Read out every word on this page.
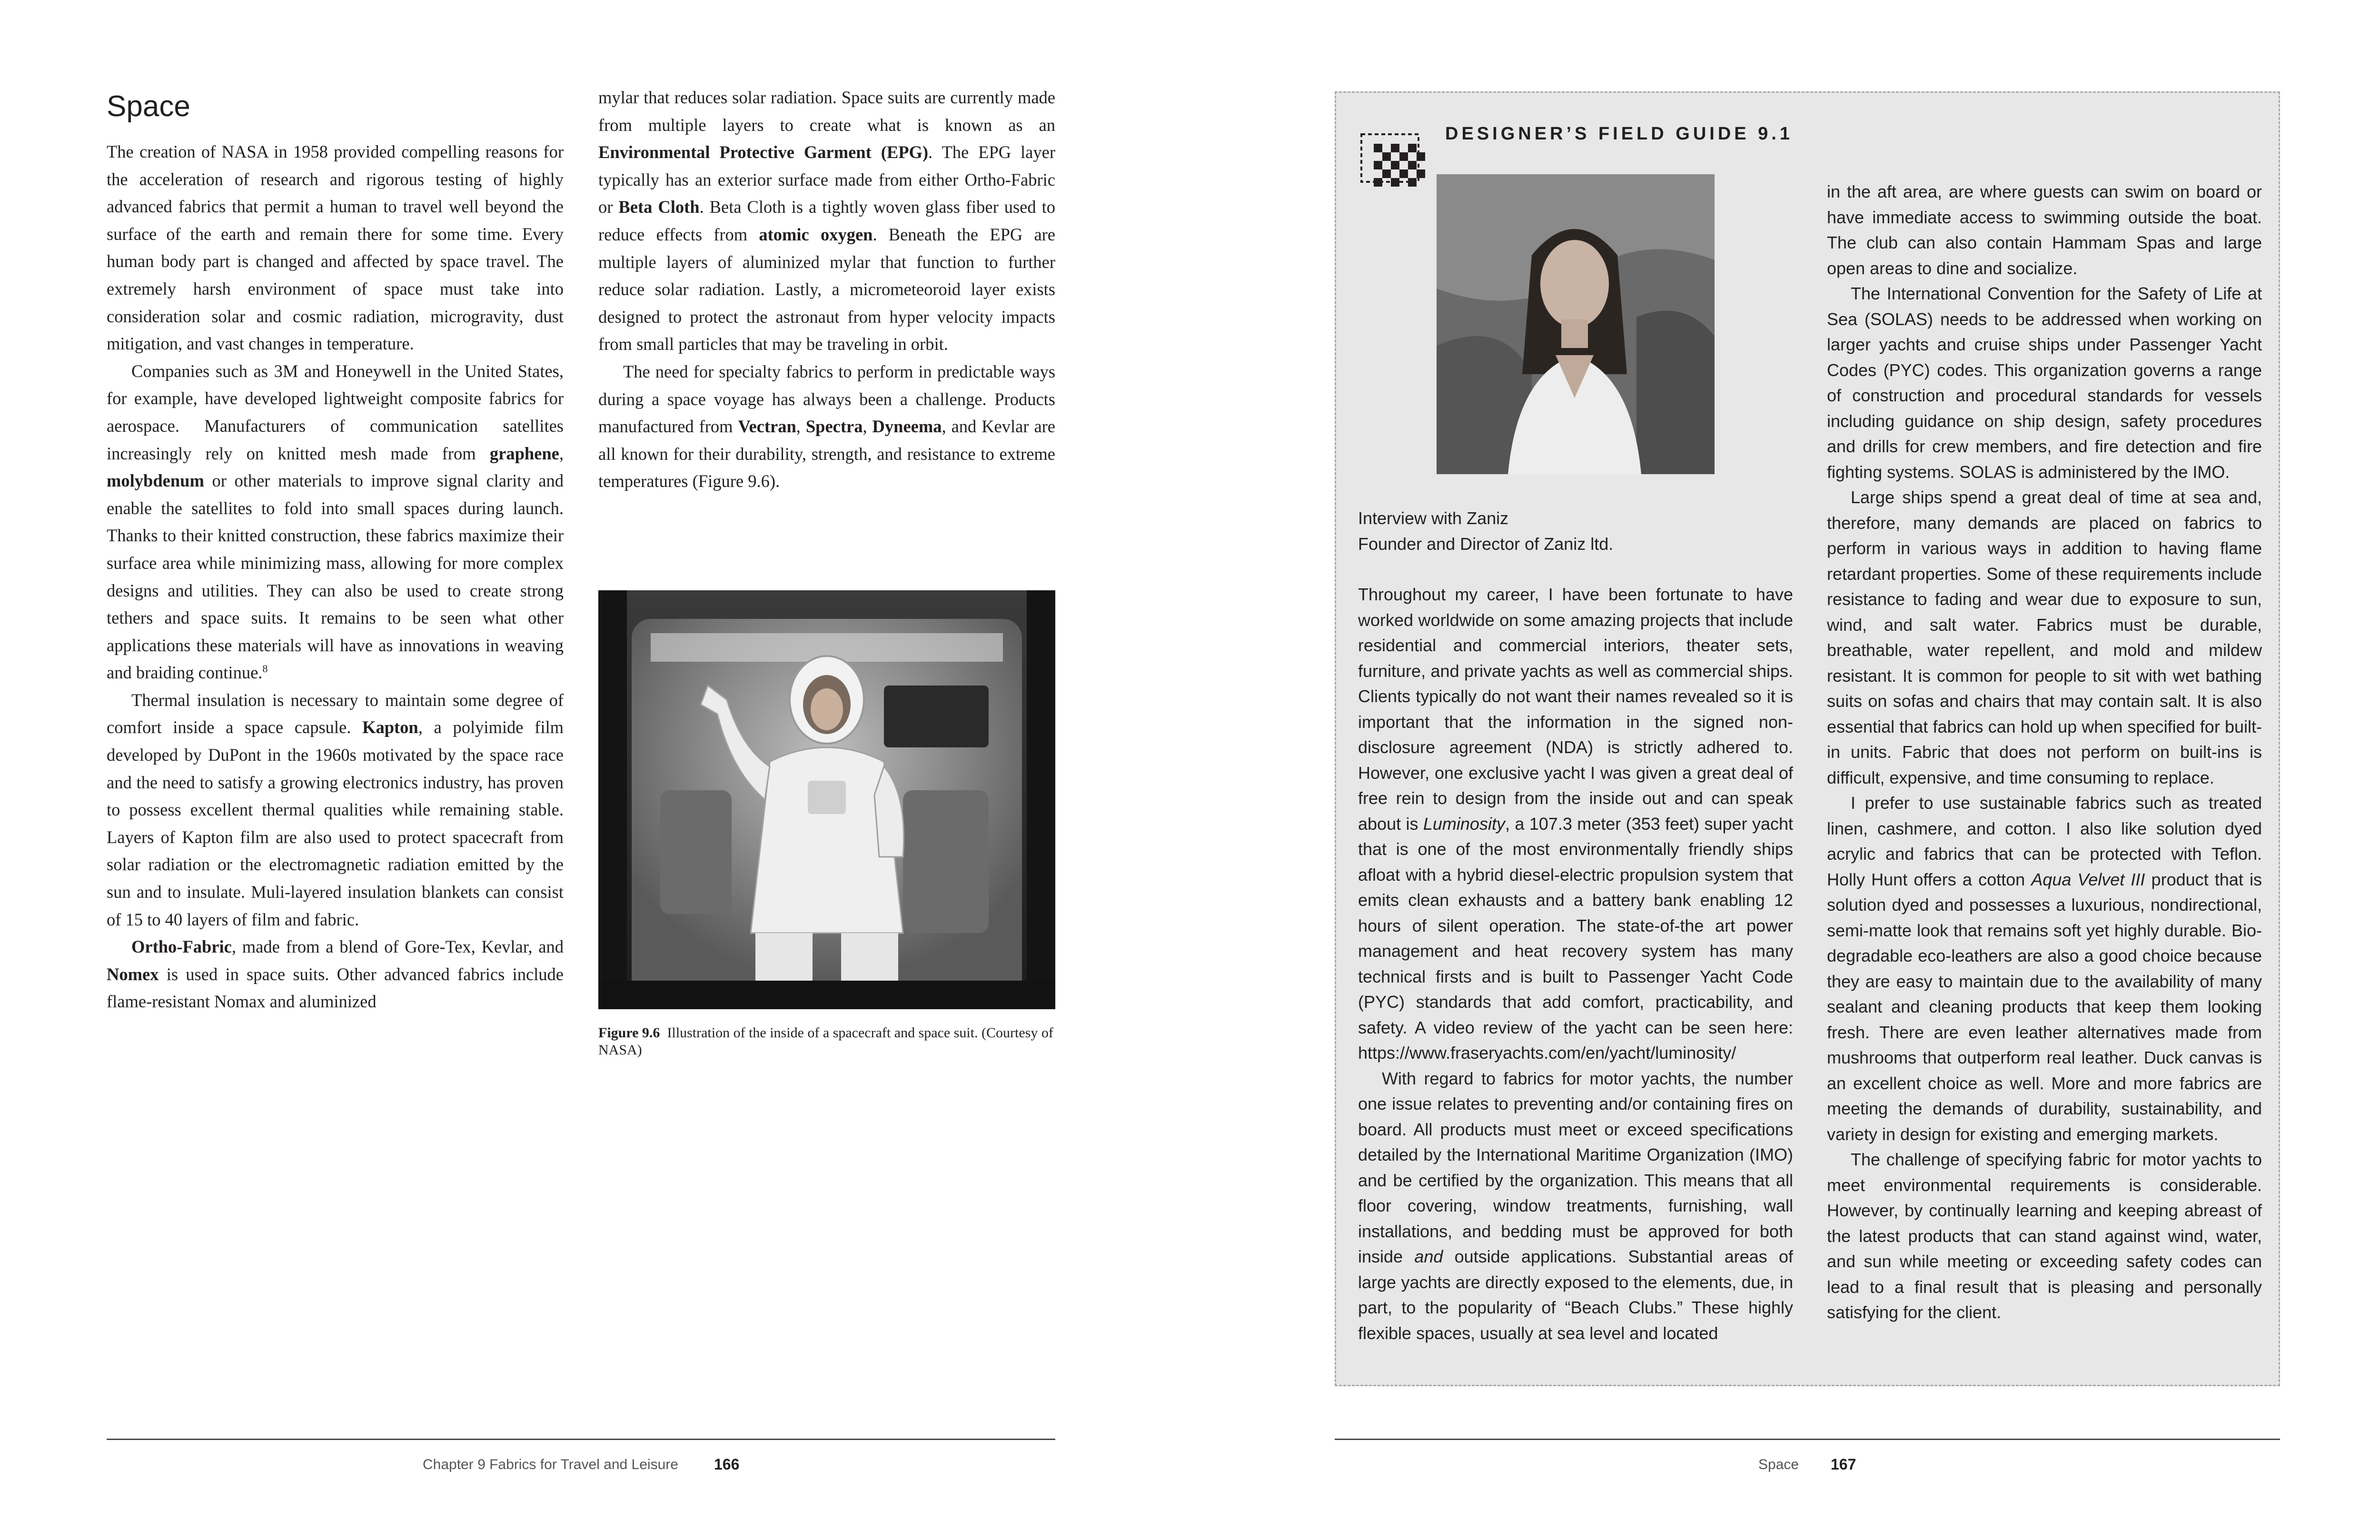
Space

The creation of NASA in 1958 provided compelling reasons for the acceleration of research and rigorous testing of highly advanced fabrics that permit a human to travel well beyond the surface of the earth and remain there for some time. Every human body part is changed and affected by space travel. The extremely harsh environment of space must take into consideration solar and cosmic radiation, microgravity, dust mitigation, and vast changes in temperature.

Companies such as 3M and Honeywell in the United States, for example, have developed lightweight composite fabrics for aerospace. Manufacturers of communication satellites increasingly rely on knitted mesh made from graphene, molybdenum or other materials to improve signal clarity and enable the satellites to fold into small spaces during launch. Thanks to their knitted construction, these fabrics maximize their surface area while minimizing mass, allowing for more complex designs and utilities. They can also be used to create strong tethers and space suits. It remains to be seen what other applications these materials will have as innovations in weaving and braiding continue.$^8$

Thermal insulation is necessary to maintain some degree of comfort inside a space capsule. Kapton, a polyimide film developed by DuPont in the 1960s motivated by the space race and the need to satisfy a growing electronics industry, has proven to possess excellent thermal qualities while remaining stable. Layers of Kapton film are also used to protect spacecraft from solar radiation or the electromagnetic radiation emitted by the sun and to insulate. Muli-layered insulation blankets can consist of 15 to 40 layers of film and fabric.

Ortho-Fabric, made from a blend of Gore-Tex, Kevlar, and Nomex is used in space suits. Other advanced fabrics include flame-resistant Nomax and aluminized

mylar that reduces solar radiation. Space suits are currently made from multiple layers to create what is known as an Environmental Protective Garment (EPG). The EPG layer typically has an exterior surface made from either Ortho-Fabric or Beta Cloth. Beta Cloth is a tightly woven glass fiber used to reduce effects from atomic oxygen. Beneath the EPG are multiple layers of aluminized mylar that function to further reduce solar radiation. Lastly, a micrometeoroid layer exists designed to protect the astronaut from hyper velocity impacts from small particles that may be traveling in orbit.

The need for specialty fabrics to perform in predictable ways during a space voyage has always been a challenge. Products manufactured from Vectran, Spectra, Dyneema, and Kevlar are all known for their durability, strength, and resistance to extreme temperatures (Figure 9.6).

Figure 9.6 Illustration of the inside of a spacecraft and space suit. (Courtesy of NASA)
Chapter 9 Fabrics for Travel and Leisure 166
DESIGNER’S FIELD GUIDE 9.1
Interview with Zaniz
Founder and Director of Zaniz ltd.

Throughout my career, I have been fortunate to have worked worldwide on some amazing projects that include residential and commercial interiors, theater sets, furniture, and private yachts as well as commercial ships. Clients typically do not want their names revealed so it is important that the information in the signed non-disclosure agreement (NDA) is strictly adhered to. However, one exclusive yacht I was given a great deal of free rein to design from the inside out and can speak about is Luminosity, a 107.3 meter (353 feet) super yacht that is one of the most environmentally friendly ships afloat with a hybrid diesel-electric propulsion system that emits clean exhausts and a battery bank enabling 12 hours of silent operation. The state-of-the art power management and heat recovery system has many technical firsts and is built to Passenger Yacht Code (PYC) standards that add comfort, practicability, and safety. A video review of the yacht can be seen here: https://www.fraseryachts.com/en/yacht/luminosity/

With regard to fabrics for motor yachts, the number one issue relates to preventing and/or containing fires on board. All products must meet or exceed specifications detailed by the International Maritime Organization (IMO) and be certified by the organization. This means that all floor covering, window treatments, furnishing, wall installations, and bedding must be approved for both inside and outside applications. Substantial areas of large yachts are directly exposed to the elements, due, in part, to the popularity of “Beach Clubs.” These highly flexible spaces, usually at sea level and located

in the aft area, are where guests can swim on board or have immediate access to swimming outside the boat. The club can also contain Hammam Spas and large open areas to dine and socialize.

The International Convention for the Safety of Life at Sea (SOLAS) needs to be addressed when working on larger yachts and cruise ships under Passenger Yacht Codes (PYC) codes. This organization governs a range of construction and procedural standards for vessels including guidance on ship design, safety procedures and drills for crew members, and fire detection and fire fighting systems. SOLAS is administered by the IMO.

Large ships spend a great deal of time at sea and, therefore, many demands are placed on fabrics to perform in various ways in addition to having flame retardant properties. Some of these requirements include resistance to fading and wear due to exposure to sun, wind, and salt water. Fabrics must be durable, breathable, water repellent, and mold and mildew resistant. It is common for people to sit with wet bathing suits on sofas and chairs that may contain salt. It is also essential that fabrics can hold up when specified for built-in units. Fabric that does not perform on built-ins is difficult, expensive, and time consuming to replace.

I prefer to use sustainable fabrics such as treated linen, cashmere, and cotton. I also like solution dyed acrylic and fabrics that can be protected with Teflon. Holly Hunt offers a cotton Aqua Velvet III product that is solution dyed and possesses a luxurious, nondirectional, semi-matte look that remains soft yet highly durable. Bio-degradable eco-leathers are also a good choice because they are easy to maintain due to the availability of many sealant and cleaning products that keep them looking fresh. There are even leather alternatives made from mushrooms that outperform real leather. Duck canvas is an excellent choice as well. More and more fabrics are meeting the demands of durability, sustainability, and variety in design for existing and emerging markets.

The challenge of specifying fabric for motor yachts to meet environmental requirements is considerable. However, by continually learning and keeping abreast of the latest products that can stand against wind, water, and sun while meeting or exceeding safety codes can lead to a final result that is pleasing and personally satisfying for the client.

Space 167
